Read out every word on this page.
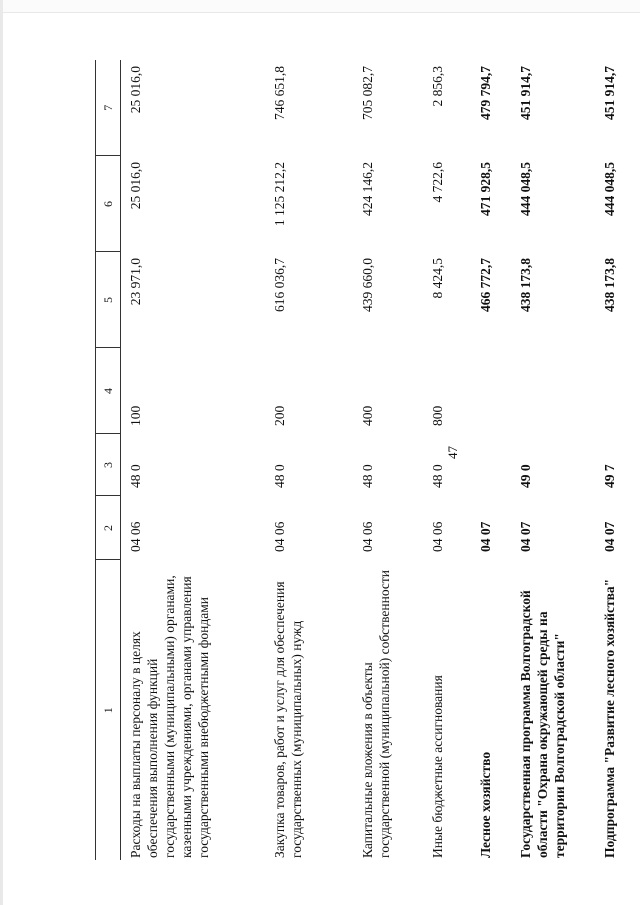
47
1	2	3	4	5	6	7
Расходы на выплаты персоналу в целях обеспечения выполнения функций государственными (муниципальными) органами, казенными учреждениями, органами управления государственными внебюджетными фондами	04 06	48 0	100	23 971,0	25 016,0	25 016,0
Закупка товаров, работ и услуг для обеспечения государственных (муниципальных) нужд	04 06	48 0	200	616 036,7	1 125 212,2	746 651,8
Капитальные вложения в объекты государственной (муниципальной) собственности	04 06	48 0	400	439 660,0	424 146,2	705 082,7
Иные бюджетные ассигнования	04 06	48 0	800	8 424,5	4 722,6	2 856,3
Лесное хозяйство	04 07			466 772,7	471 928,5	479 794,7
Государственная программа Волгоградской области "Охрана окружающей среды на территории Волгоградской области"	04 07	49 0		438 173,8	444 048,5	451 914,7
Подпрограмма "Развитие лесного хозяйства"	04 07	49 7		438 173,8	444 048,5	451 914,7
